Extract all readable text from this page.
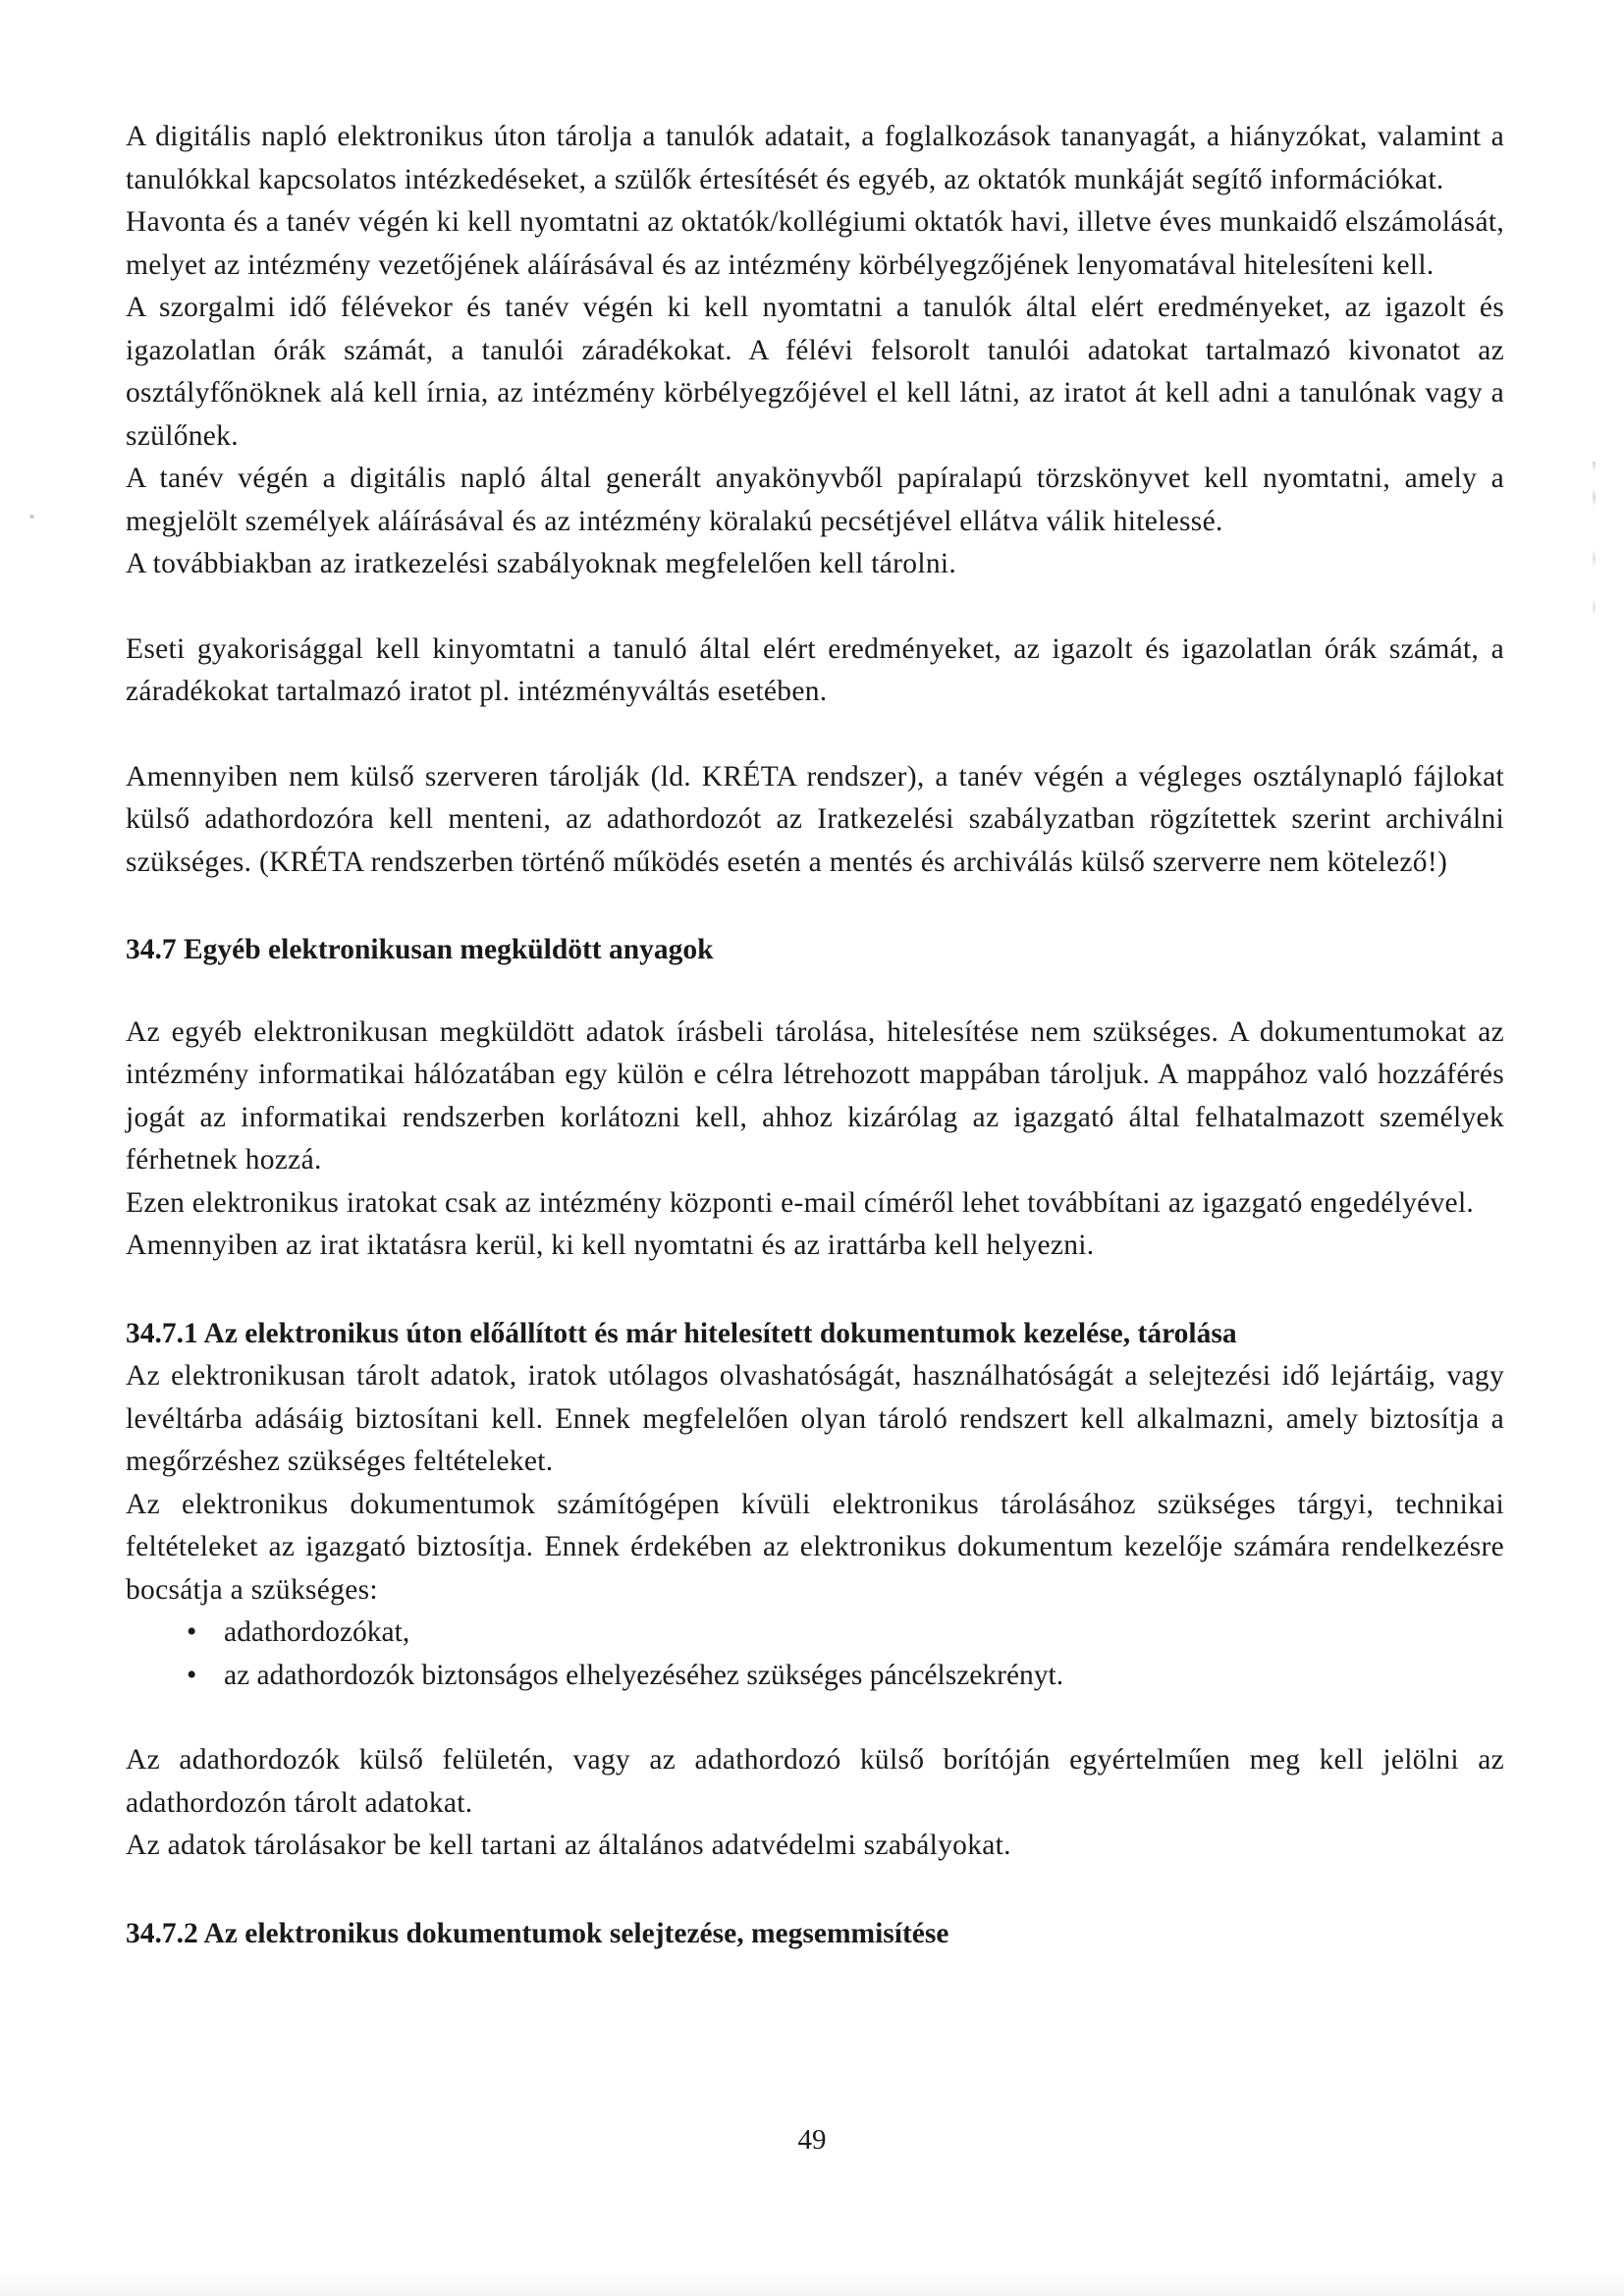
A digitális napló elektronikus úton tárolja a tanulók adatait, a foglalkozások tananyagát, a hiányzókat, valamint a tanulókkal kapcsolatos intézkedéseket, a szülők értesítését és egyéb, az oktatók munkáját segítő információkat.

Havonta és a tanév végén ki kell nyomtatni az oktatók/kollégiumi oktatók havi, illetve éves munkaidő elszámolását, melyet az intézmény vezetőjének aláírásával és az intézmény körbélyegzőjének lenyomatával hitelesíteni kell.

A szorgalmi idő félévekor és tanév végén ki kell nyomtatni a tanulók által elért eredményeket, az igazolt és igazolatlan órák számát, a tanulói záradékokat. A félévi felsorolt tanulói adatokat tartalmazó kivonatot az osztályfőnöknek alá kell írnia, az intézmény körbélyegzőjével el kell látni, az iratot át kell adni a tanulónak vagy a szülőnek.

A tanév végén a digitális napló által generált anyakönyvből papíralapú törzskönyvet kell nyomtatni, amely a megjelölt személyek aláírásával és az intézmény köralakú pecsétjével ellátva válik hitelessé.

A továbbiakban az iratkezelési szabályoknak megfelelően kell tárolni.

Eseti gyakorisággal kell kinyomtatni a tanuló által elért eredményeket, az igazolt és igazolatlan órák számát, a záradékokat tartalmazó iratot pl. intézményváltás esetében.

Amennyiben nem külső szerveren tárolják (ld. KRÉTA rendszer), a tanév végén a végleges osztálynapló fájlokat külső adathordozóra kell menteni, az adathordozót az Iratkezelési szabályzatban rögzítettek szerint archiválni szükséges. (KRÉTA rendszerben történő működés esetén a mentés és archiválás külső szerverre nem kötelező!)

34.7 Egyéb elektronikusan megküldött anyagok

Az egyéb elektronikusan megküldött adatok írásbeli tárolása, hitelesítése nem szükséges. A dokumentumokat az intézmény informatikai hálózatában egy külön e célra létrehozott mappában tároljuk. A mappához való hozzáférés jogát az informatikai rendszerben korlátozni kell, ahhoz kizárólag az igazgató által felhatalmazott személyek férhetnek hozzá.

Ezen elektronikus iratokat csak az intézmény központi e-mail címéről lehet továbbítani az igazgató engedélyével.

Amennyiben az irat iktatásra kerül, ki kell nyomtatni és az irattárba kell helyezni.

34.7.1 Az elektronikus úton előállított és már hitelesített dokumentumok kezelése, tárolása

Az elektronikusan tárolt adatok, iratok utólagos olvashatóságát, használhatóságát a selejtezési idő lejártáig, vagy levéltárba adásáig biztosítani kell. Ennek megfelelően olyan tároló rendszert kell alkalmazni, amely biztosítja a megőrzéshez szükséges feltételeket.

Az elektronikus dokumentumok számítógépen kívüli elektronikus tárolásához szükséges tárgyi, technikai feltételeket az igazgató biztosítja. Ennek érdekében az elektronikus dokumentum kezelője számára rendelkezésre bocsátja a szükséges:

• adathordozókat,
• az adathordozók biztonságos elhelyezéséhez szükséges páncélszekrényt.

Az adathordozók külső felületén, vagy az adathordozó külső borítóján egyértelműen meg kell jelölni az adathordozón tárolt adatokat.

Az adatok tárolásakor be kell tartani az általános adatvédelmi szabályokat.

34.7.2 Az elektronikus dokumentumok selejtezése, megsemmisítése
49
